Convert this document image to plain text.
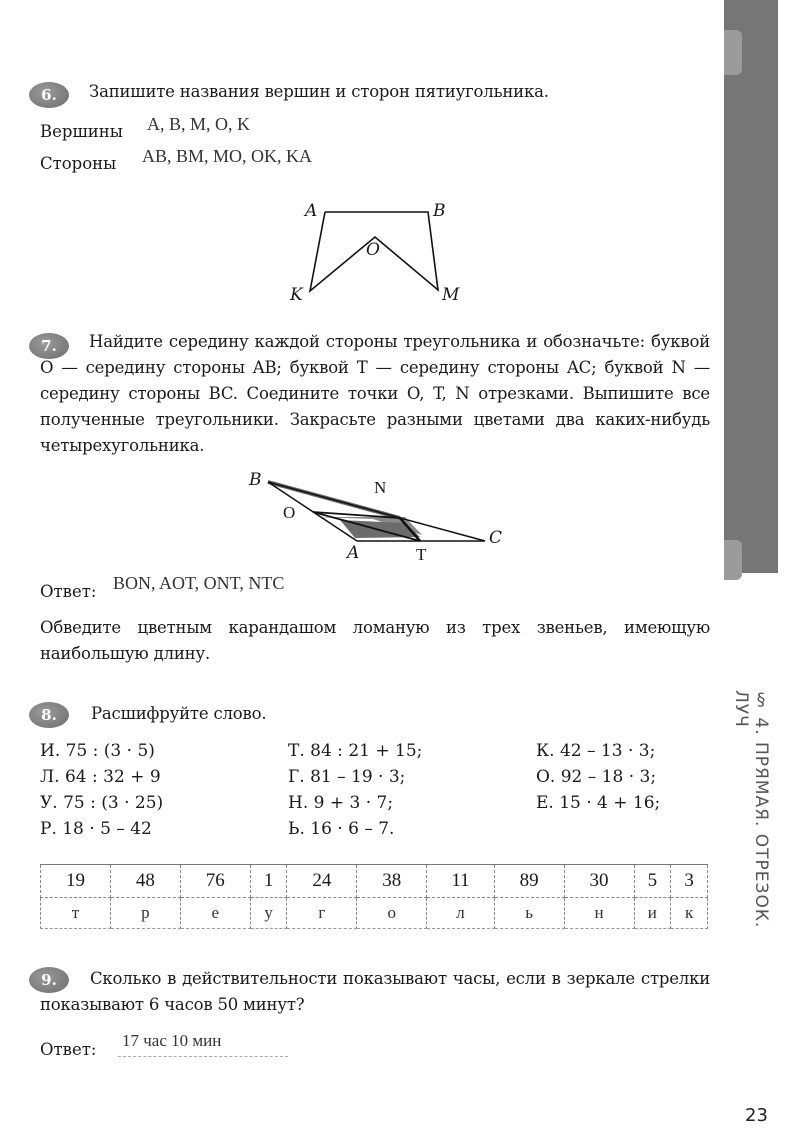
§ 4. ПРЯМАЯ. ОТРЕЗОК. ЛУЧ
6.	Запишите названия вершин и сторон пятиугольника.
Вершины A, B, M, O, K
Стороны AB, BM, MO, OK, KA
A	B
O
K	M
7.	Найдите середину каждой стороны треугольника и обозначьте: буквой O — середину стороны AB; буквой T — середину стороны AC; буквой N — середину стороны BC. Соедините точки O, T, N отрезками. Выпишите все полученные треугольники. Закрасьте разными цветами два каких-нибудь четырехугольника.
B	N
O
A	T
C
Ответ: BON, AOT, ONT, NTC
Обведите цветным карандашом ломаную из трех звеньев, имеющую наибольшую длину.
8.	Расшифруйте слово.
И. 75 : (3 · 5)	Т. 84 : 21 + 15;	К. 42 – 13 · 3;
Л. 64 : 32 + 9	Г. 81 – 19 · 3;	О. 92 – 18 · 3;
У. 75 : (3 · 25)	Н. 9 + 3 · 7;	Е. 15 · 4 + 16;
Р. 18 · 5 – 42	Ь. 16 · 6 – 7.
19	48	76	1	24	38	11	89	30	5	3
т	р	е	у	г	о	л	ь	н	и	к
9.	Сколько в действительности показывают часы, если в зеркале стрелки показывают 6 часов 50 минут?
Ответ: 17 час 10 мин
23
